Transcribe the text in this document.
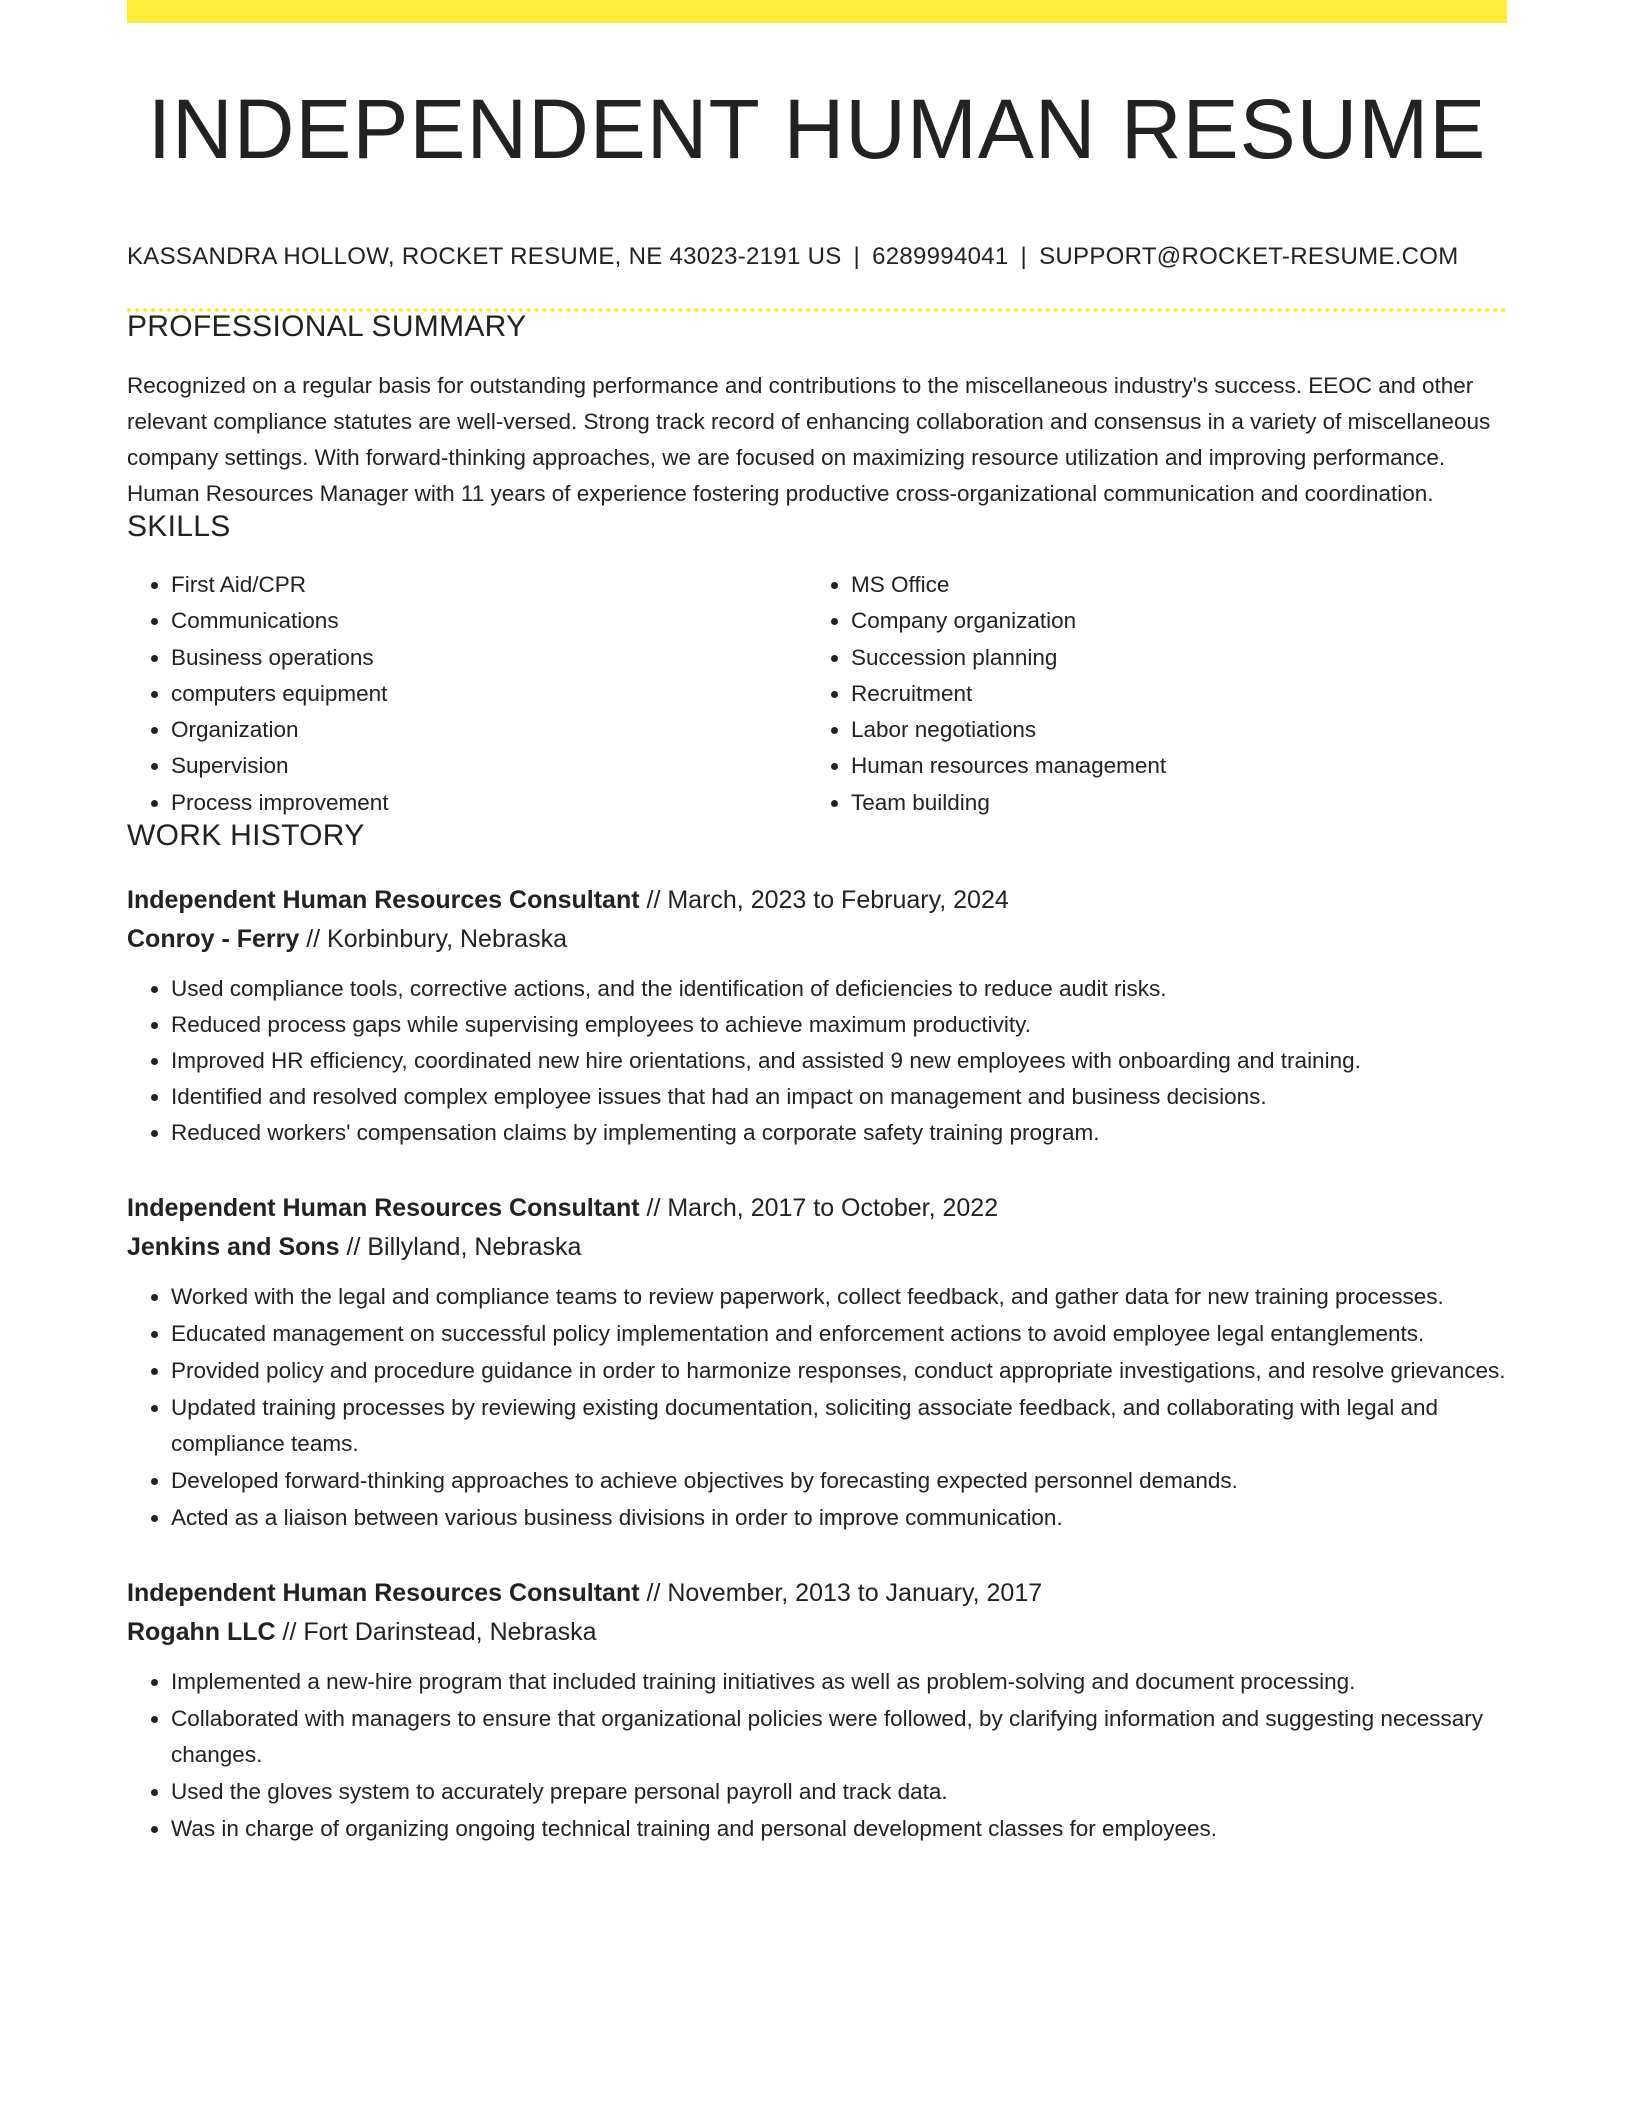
INDEPENDENT HUMAN RESUME
KASSANDRA HOLLOW, ROCKET RESUME, NE 43023-2191 US | 6289994041 | SUPPORT@ROCKET-RESUME.COM
PROFESSIONAL SUMMARY

Recognized on a regular basis for outstanding performance and contributions to the miscellaneous industry's success. EEOC and other relevant compliance statutes are well-versed. Strong track record of enhancing collaboration and consensus in a variety of miscellaneous company settings. With forward-thinking approaches, we are focused on maximizing resource utilization and improving performance. Human Resources Manager with 11 years of experience fostering productive cross-organizational communication and coordination.

SKILLS
• First Aid/CPR
• Communications
• Business operations
• computers equipment
• Organization
• Supervision
• Process improvement
• MS Office
• Company organization
• Succession planning
• Recruitment
• Labor negotiations
• Human resources management
• Team building
WORK HISTORY
Independent Human Resources Consultant // March, 2023 to February, 2024
Conroy - Ferry // Korbinbury, Nebraska
• Used compliance tools, corrective actions, and the identification of deficiencies to reduce audit risks.
• Reduced process gaps while supervising employees to achieve maximum productivity.
• Improved HR efficiency, coordinated new hire orientations, and assisted 9 new employees with onboarding and training.
• Identified and resolved complex employee issues that had an impact on management and business decisions.
• Reduced workers' compensation claims by implementing a corporate safety training program.
Independent Human Resources Consultant // March, 2017 to October, 2022
Jenkins and Sons // Billyland, Nebraska
• Worked with the legal and compliance teams to review paperwork, collect feedback, and gather data for new training processes.
• Educated management on successful policy implementation and enforcement actions to avoid employee legal entanglements.
• Provided policy and procedure guidance in order to harmonize responses, conduct appropriate investigations, and resolve grievances.
• Updated training processes by reviewing existing documentation, soliciting associate feedback, and collaborating with legal and compliance teams.
• Developed forward-thinking approaches to achieve objectives by forecasting expected personnel demands.
• Acted as a liaison between various business divisions in order to improve communication.
Independent Human Resources Consultant // November, 2013 to January, 2017
Rogahn LLC // Fort Darinstead, Nebraska
• Implemented a new-hire program that included training initiatives as well as problem-solving and document processing.
• Collaborated with managers to ensure that organizational policies were followed, by clarifying information and suggesting necessary changes.
• Used the gloves system to accurately prepare personal payroll and track data.
• Was in charge of organizing ongoing technical training and personal development classes for employees.
